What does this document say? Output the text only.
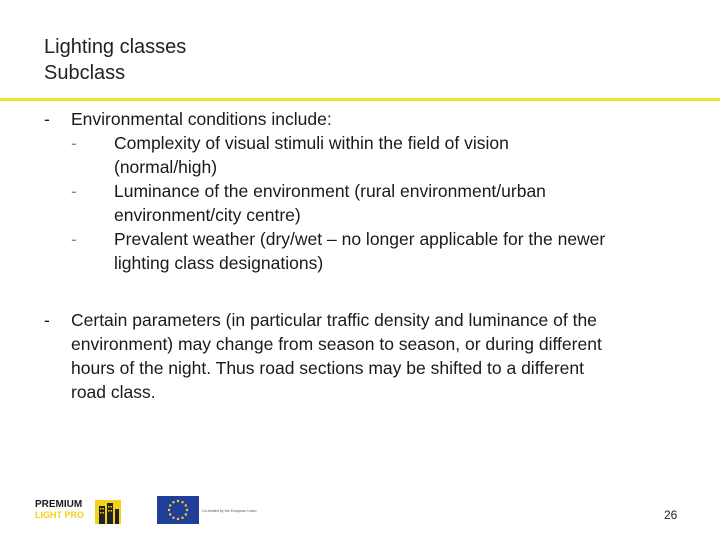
Lighting classes
Subclass
- Environmental conditions include:
- Complexity of visual stimuli within the field of vision
(normal/high)
- Luminance of the environment (rural environment/urban
environment/city centre)
- Prevalent weather (dry/wet – no longer applicable for the newer
lighting class designations)
- Certain parameters (in particular traffic density and luminance of the
environment) may change from season to season, or during different
hours of the night. Thus road sections may be shifted to a different
road class.
PREMIUM
LIGHT PRO	Co-funded by the European Union	26
